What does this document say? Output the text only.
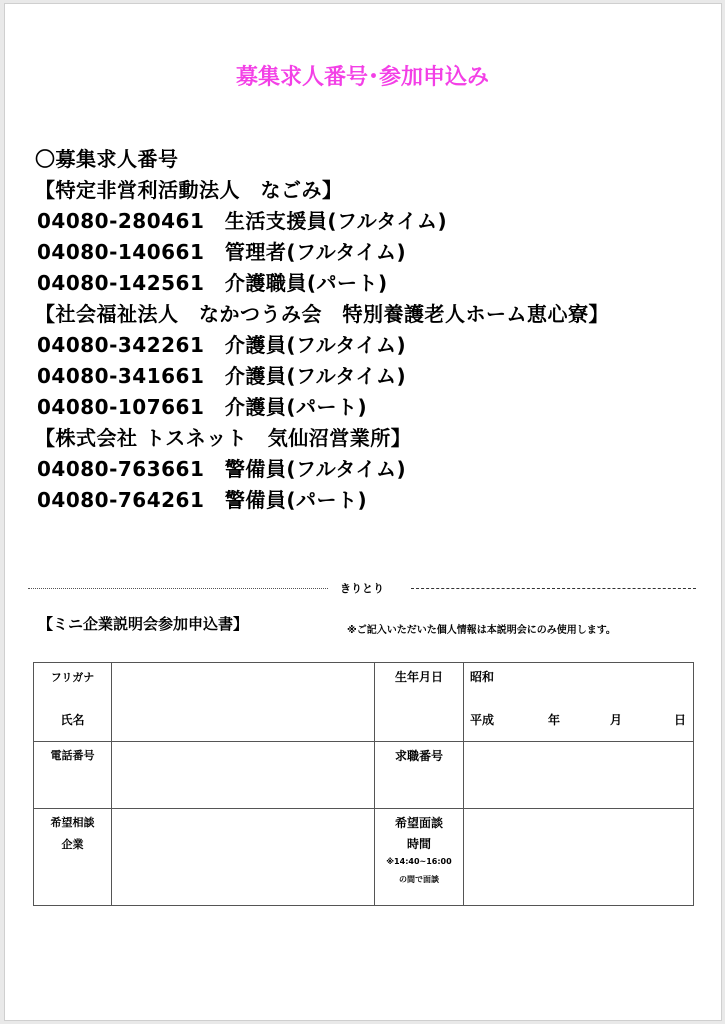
募集求人番号･参加申込み
〇募集求人番号
【特定非営利活動法人　なごみ】
04080-280461　生活支援員(フルタイム)
04080-140661　管理者(フルタイム)
04080-142561　介護職員(パート)
【社会福祉法人　なかつうみ会　特別養護老人ホーム恵心寮】
04080-342261　介護員(フルタイム)
04080-341661　介護員(フルタイム)
04080-107661　介護員(パート)
【株式会社 トスネット　気仙沼営業所】
04080-763661　警備員(フルタイム)
04080-764261　警備員(パート)
きりとり
【ミニ企業説明会参加申込書】	※ご記入いただいた個人情報は本説明会にのみ使用します。
フリガナ
氏名		生年月日	昭和
平成 年 月 日

電話番号		求職番号	

希望相談
企業		希望面談
時間
※14:40~16:00
の間で面談	
